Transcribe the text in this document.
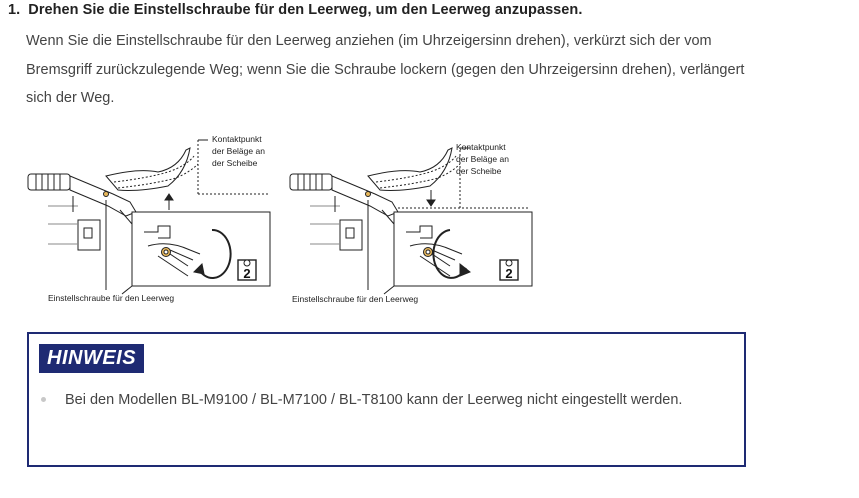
1. Drehen Sie die Einstellschraube für den Leerweg, um den Leerweg anzupassen.
Wenn Sie die Einstellschraube für den Leerweg anziehen (im Uhrzeigersinn drehen), verkürzt sich der vom Bremsgriff zurückzulegende Weg; wenn Sie die Schraube lockern (gegen den Uhrzeigersinn drehen), verlängert sich der Weg.
Kontaktpunkt
der Beläge an
der Scheibe
2
Einstellschraube für den Leerweg
Kontaktpunkt
der Beläge an
der Scheibe
2
Einstellschraube für den Leerweg
HINWEIS
Bei den Modellen BL-M9100 / BL-M7100 / BL-T8100 kann der Leerweg nicht eingestellt werden.
